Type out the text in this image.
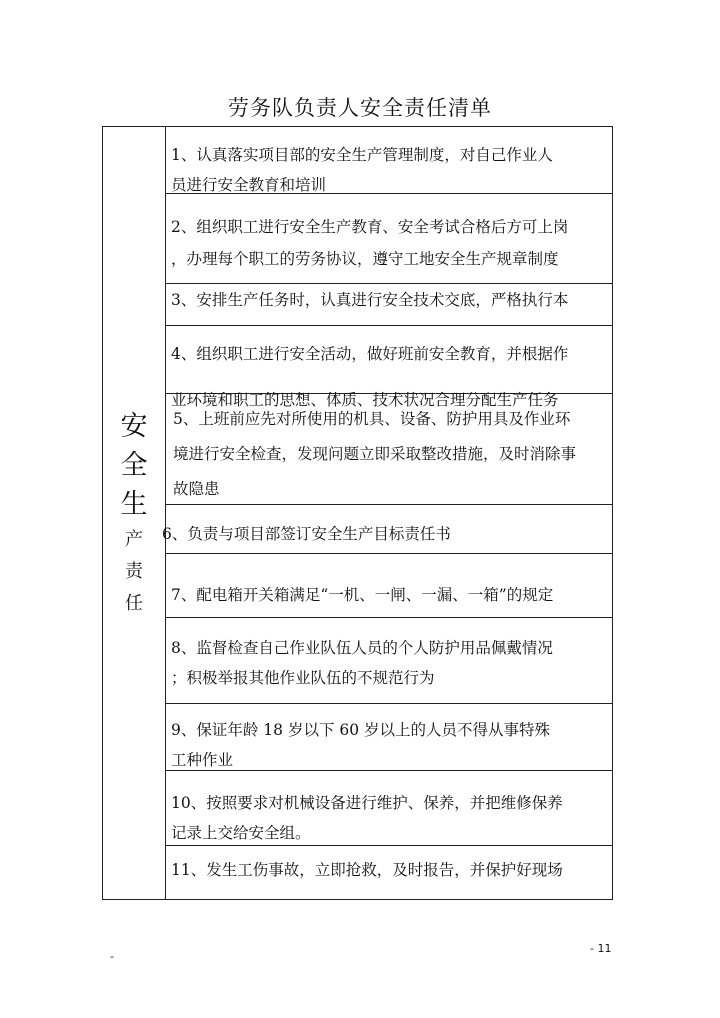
劳务队负责人安全责任清单
安
全
生
产
责
任
1、认真落实项目部的安全生产管理制度，对自己作业人
员进行安全教育和培训
2、组织职工进行安全生产教育、安全考试合格后方可上岗
，办理每个职工的劳务协议，遵守工地安全生产规章制度
3、安排生产任务时，认真进行安全技术交底，严格执行本
4、组织职工进行安全活动，做好班前安全教育，并根据作
业环境和职工的思想、体质、技术状况合理分配生产任务
5、上班前应先对所使用的机具、设备、防护用具及作业环
境进行安全检查，发现问题立即采取整改措施，及时消除事
故隐患
6、负责与项目部签订安全生产目标责任书
7、配电箱开关箱满足“一机、一闸、一漏、一箱”的规定
8、监督检查自己作业队伍人员的个人防护用品佩戴情况
；积极举报其他作业队伍的不规范行为
9、保证年龄 18 岁以下 60 岁以上的人员不得从事特殊
工种作业
10、按照要求对机械设备进行维护、保养，并把维修保养
记录上交给安全组。
11、发生工伤事故，立即抢救，及时报告，并保护好现场
- 11
-
